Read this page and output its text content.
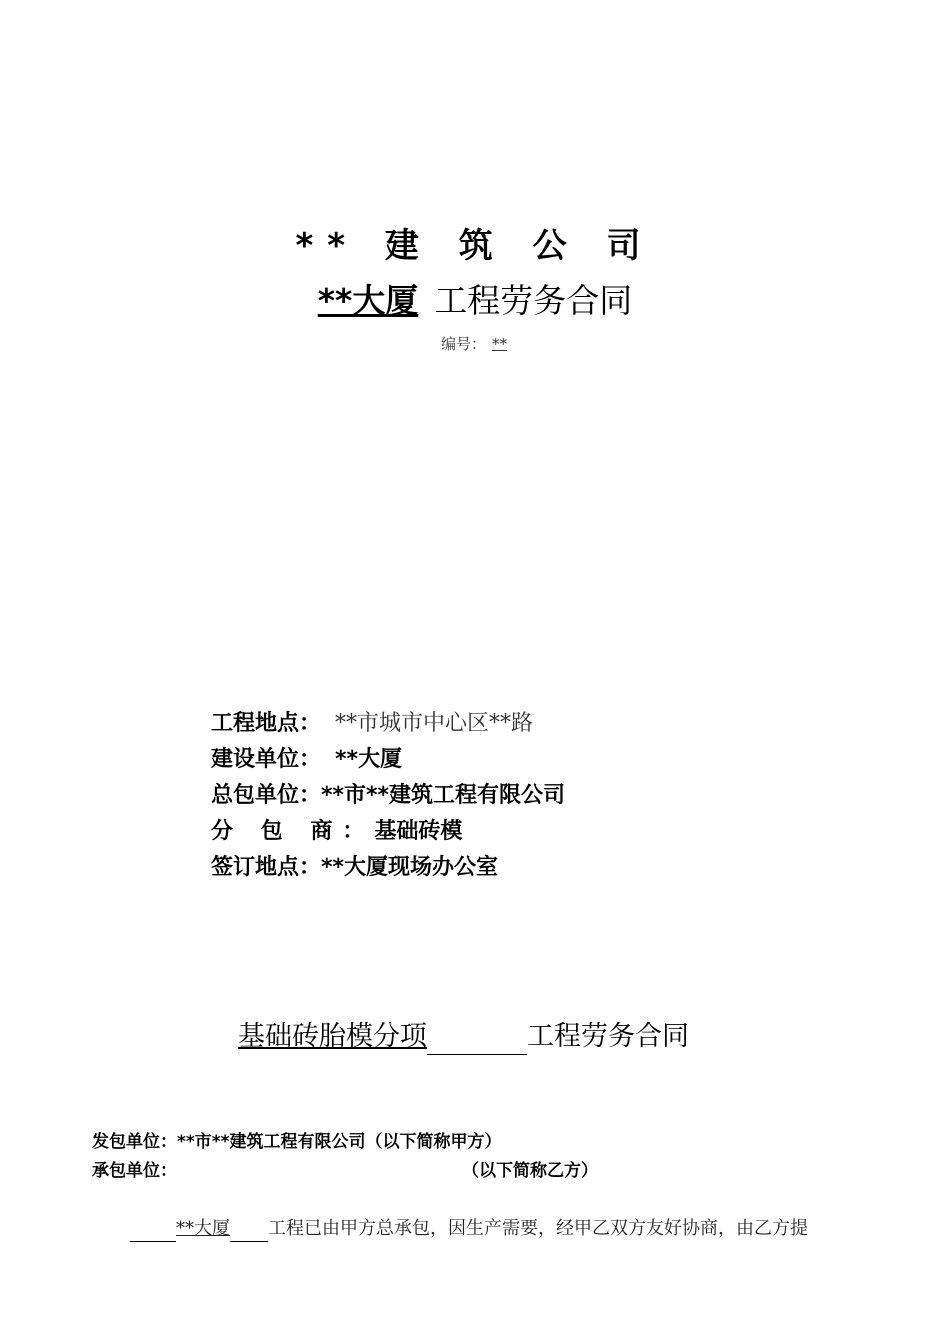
** 建 筑 公 司
**大厦 工程劳务合同
编号： **
工程地点： **市城市中心区**路
建设单位： **大厦
总包单位：**市**建筑工程有限公司
分 包 商：基础砖模
签订地点：**大厦现场办公室
基础砖胎模分项	工程劳务合同
发包单位：**市**建筑工程有限公司（以下简称甲方）
承包单位：	（以下简称乙方）
**大厦 工程已由甲方总承包，因生产需要，经甲乙双方友好协商，由乙方提
